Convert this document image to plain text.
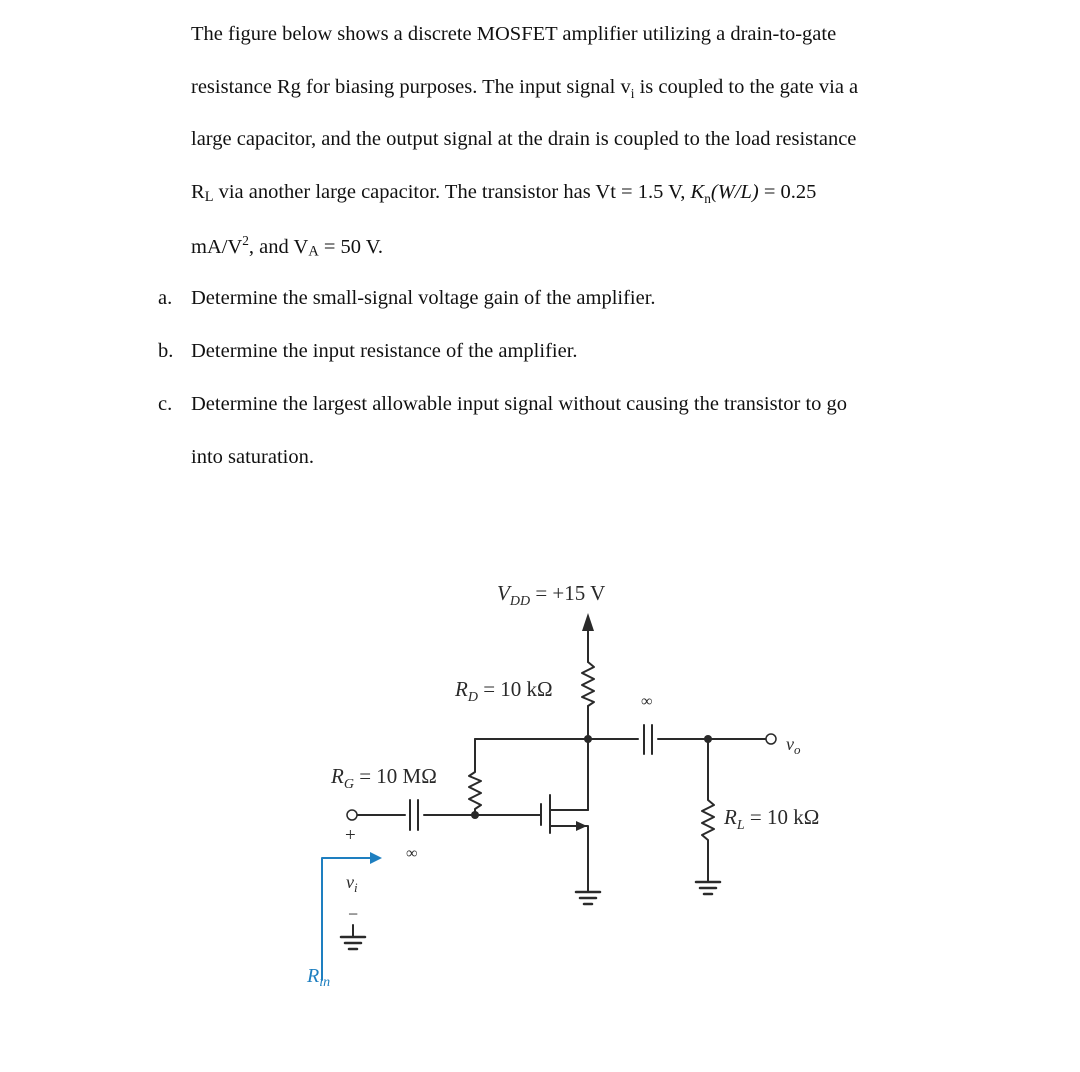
The figure below shows a discrete MOSFET amplifier utilizing a drain-to-gate
resistance Rg for biasing purposes. The input signal $v_i$ is coupled to the gate via a
large capacitor, and the output signal at the drain is coupled to the load resistance
RL via another large capacitor. The transistor has Vt = 1.5 V, $K_n(W/L) = 0.25$
$mA/V^2$, and VA = 50 V.
a. Determine the small-signal voltage gain of the amplifier.
b. Determine the input resistance of the amplifier.
c. Determine the largest allowable input signal without causing the transistor to go
into saturation.
$V_{DD} = +15$ V
$R_D = 10$ kΩ
$R_G = 10$ MΩ
$R_L = 10$ kΩ
∞
∞
$v_o$
+
$v_i$
−
$R_{in}$
